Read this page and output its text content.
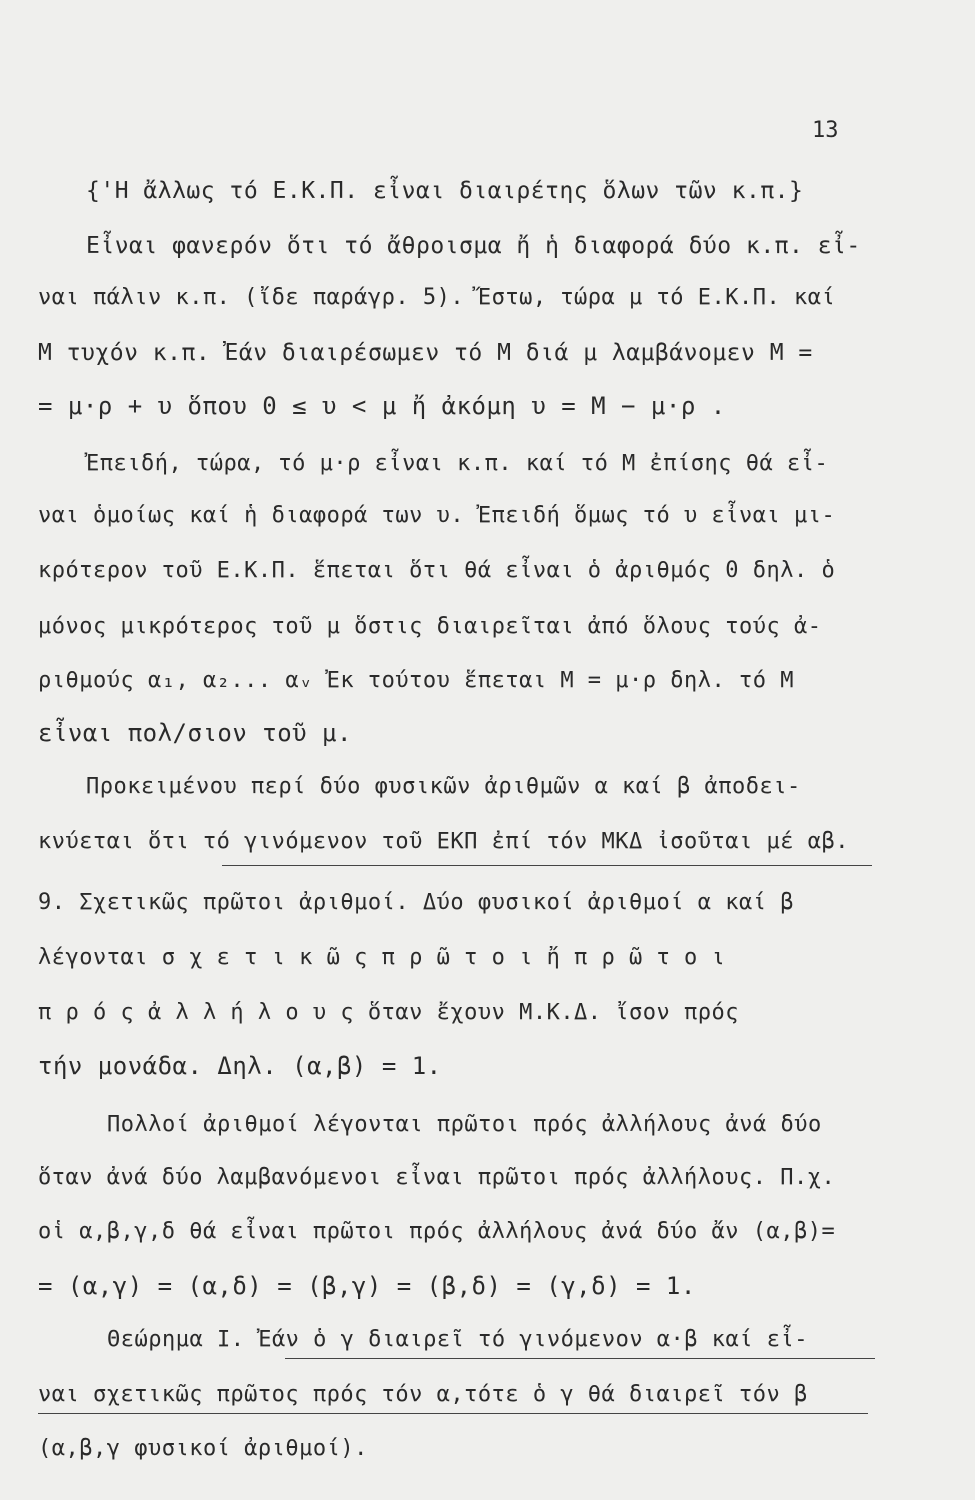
13
{'Η ἄλλως τό Ε.Κ.Π. εἶναι διαιρέτης ὅλων τῶν κ.π.}
Εἶναι φανερόν ὅτι τό ἄθροισμα ἤ ἡ διαφορά δύο κ.π. εἶ-
ναι πάλιν κ.π. (ἴδε παράγρ. 5). Ἔστω, τώρα μ τό Ε.Κ.Π. καί
Μ τυχόν κ.π. Ἐάν διαιρέσωμεν τό Μ διά μ λαμβάνομεν Μ =
= μ·ρ + υ ὅπου 0 ≤ υ < μ ἤ ἀκόμη υ = Μ − μ·ρ .
Ἐπειδή, τώρα, τό μ·ρ εἶναι κ.π. καί τό Μ ἐπίσης θά εἶ-
ναι ὁμοίως καί ἡ διαφορά των υ. Ἐπειδή ὅμως τό υ εἶναι μι-
κρότερον τοῦ Ε.Κ.Π. ἕπεται ὅτι θά εἶναι ὁ ἀριθμός 0 δηλ. ὁ
μόνος μικρότερος τοῦ μ ὅστις διαιρεῖται ἀπό ὅλους τούς ἀ-
ριθμούς α₁, α₂... αᵥ Ἐκ τούτου ἕπεται Μ = μ·ρ δηλ. τό Μ
εἶναι πολ/σιον τοῦ μ.
Προκειμένου περί δύο φυσικῶν ἀριθμῶν α καί β ἀποδει-
κνύεται ὅτι τό γινόμενον τοῦ ΕΚΠ ἐπί τόν ΜΚΔ ἰσοῦται μέ αβ.
9. Σχετικῶς πρῶτοι ἀριθμοί. Δύο φυσικοί ἀριθμοί α καί β
λέγονται σ χ ε τ ι κ ῶ ς π ρ ῶ τ ο ι ἤ π ρ ῶ τ ο ι
π ρ ό ς ἀ λ λ ή λ ο υ ς ὅταν ἔχουν Μ.Κ.Δ. ἴσον πρός
τήν μονάδα. Δηλ. (α,β) = 1.
Πολλοί ἀριθμοί λέγονται πρῶτοι πρός ἀλλήλους ἀνά δύο
ὅταν ἀνά δύο λαμβανόμενοι εἶναι πρῶτοι πρός ἀλλήλους. Π.χ.
οἱ α,β,γ,δ θά εἶναι πρῶτοι πρός ἀλλήλους ἀνά δύο ἄν (α,β)=
= (α,γ) = (α,δ) = (β,γ) = (β,δ) = (γ,δ) = 1.
Θεώρημα Ι. Ἐάν ὁ γ διαιρεῖ τό γινόμενον α·β καί εἶ-
ναι σχετικῶς πρῶτος πρός τόν α,τότε ὁ γ θά διαιρεῖ τόν β
(α,β,γ φυσικοί ἀριθμοί).
